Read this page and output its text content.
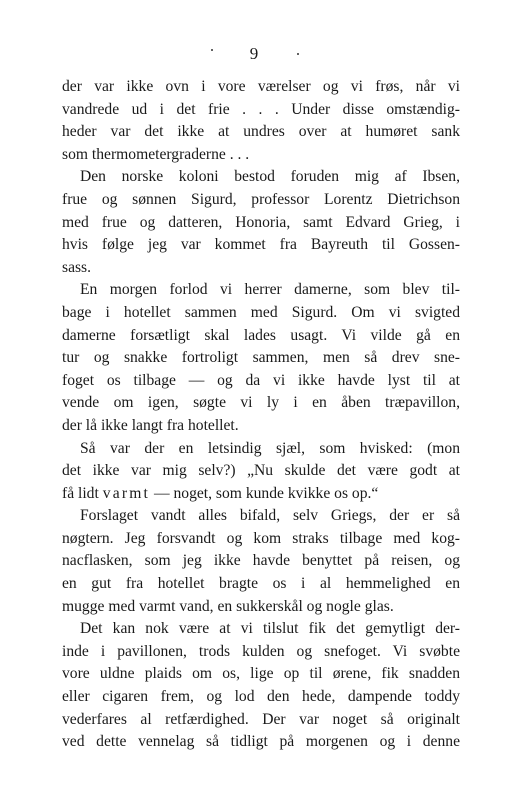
9
der var ikke ovn i vore værelser og vi frøs, når vi
vandrede ud i det frie . . . Under disse omstændig-
heder var det ikke at undres over at humøret sank
som thermometergraderne . . .
Den norske koloni bestod foruden mig af Ibsen,
frue og sønnen Sigurd, professor Lorentz Dietrichson
med frue og datteren, Honoria, samt Edvard Grieg, i
hvis følge jeg var kommet fra Bayreuth til Gossen-
sass.
En morgen forlod vi herrer damerne, som blev til-
bage i hotellet sammen med Sigurd. Om vi svigted
damerne forsætligt skal lades usagt. Vi vilde gå en
tur og snakke fortroligt sammen, men så drev sne-
foget os tilbage — og da vi ikke havde lyst til at
vende om igen, søgte vi ly i en åben træpavillon,
der lå ikke langt fra hotellet.
Så var der en letsindig sjæl, som hvisked: (mon
det ikke var mig selv?) „Nu skulde det være godt at
få lidt varmt — noget, som kunde kvikke os op.“
Forslaget vandt alles bifald, selv Griegs, der er så
nøgtern. Jeg forsvandt og kom straks tilbage med kog-
nacflasken, som jeg ikke havde benyttet på reisen, og
en gut fra hotellet bragte os i al hemmelighed en
mugge med varmt vand, en sukkerskål og nogle glas.
Det kan nok være at vi tilslut fik det gemytligt der-
inde i pavillonen, trods kulden og snefoget. Vi svøbte
vore uldne plaids om os, lige op til ørene, fik snadden
eller cigaren frem, og lod den hede, dampende toddy
vederfares al retfærdighed. Der var noget så originalt
ved dette vennelag så tidligt på morgenen og i denne
